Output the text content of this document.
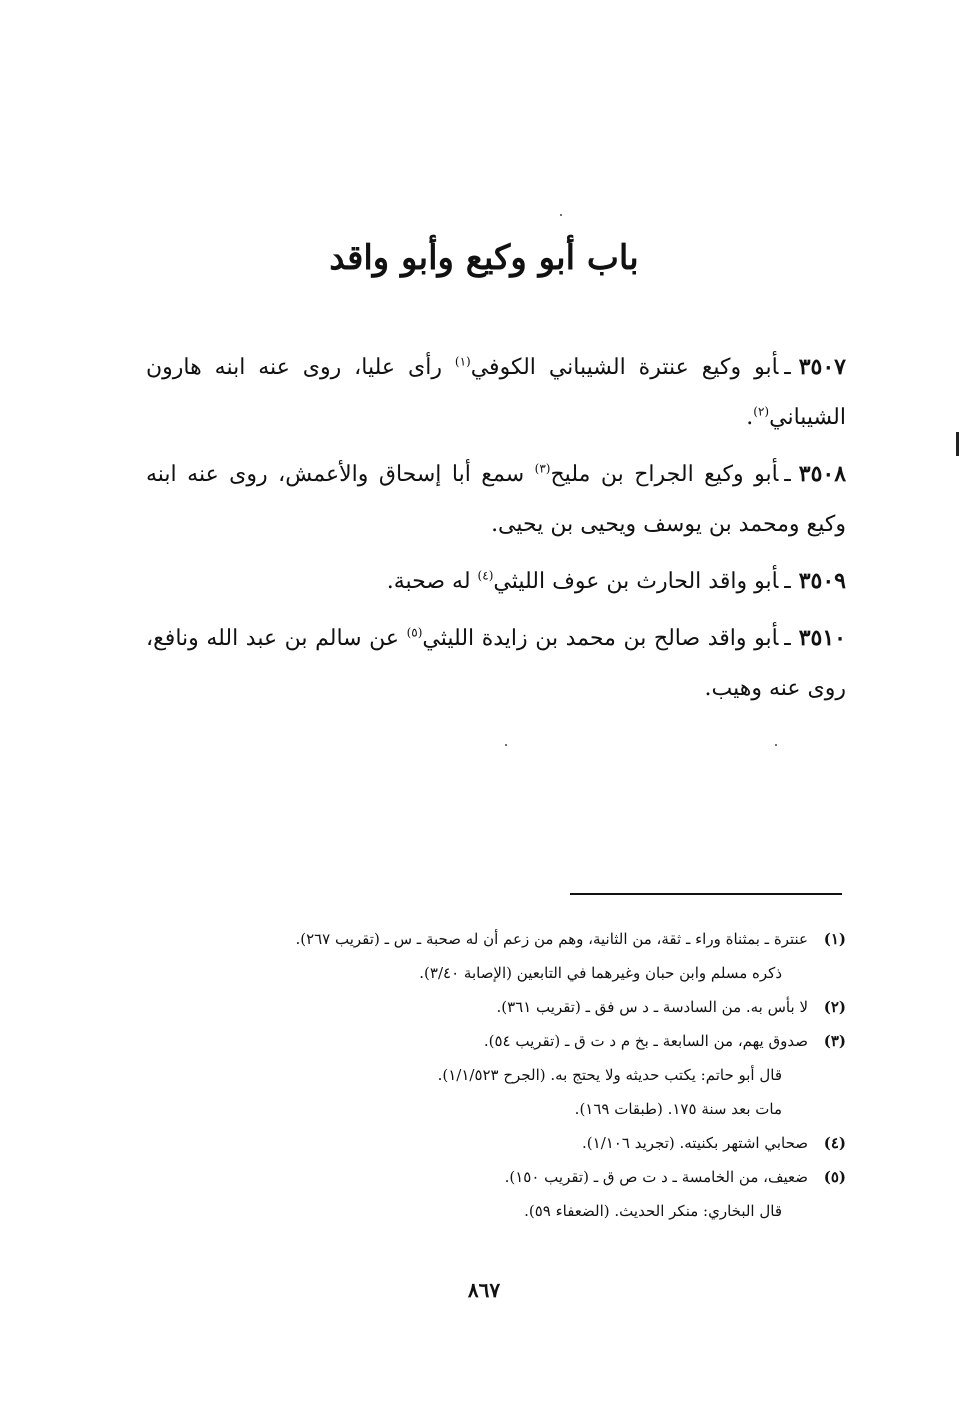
باب أبو وكيع وأبو واقد
٣٥٠٧ـأبو وكيع عنترة الشيباني الكوفي$^{(١)}$ رأى عليا، روى عنه ابنه هارون الشيباني$^{(٢)}$.
٣٥٠٨ـأبو وكيع الجراح بن مليح$^{(٣)}$ سمع أبا إسحاق والأعمش، روى عنه ابنه وكيع ومحمد بن يوسف ويحيى بن يحيى.
٣٥٠٩ـأبو واقد الحارث بن عوف الليثي$^{(٤)}$ له صحبة.
٣٥١٠ـأبو واقد صالح بن محمد بن زايدة الليثي$^{(٥)}$ عن سالم بن عبد الله ونافع، روى عنه وهيب.
(١)عنترة ـ بمثناة وراء ـ ثقة، من الثانية، وهم من زعم أن له صحبة ـ س ـ (تقريب ٢٦٧).
ذكره مسلم وابن حبان وغيرهما في التابعين (الإصابة ٣/٤٠).
(٢)لا بأس به. من السادسة ـ د س فق ـ (تقريب ٣٦١).
(٣)صدوق يهم، من السابعة ـ بخ م د ت ق ـ (تقريب ٥٤).
قال أبو حاتم: يكتب حديثه ولا يحتج به. (الجرح ١/١/٥٢٣).
مات بعد سنة ١٧٥. (طبقات ١٦٩).
(٤)صحابي اشتهر بكنيته. (تجريد ١/١٠٦).
(٥)ضعيف، من الخامسة ـ د ت ص ق ـ (تقريب ١٥٠).
قال البخاري: منكر الحديث. (الضعفاء ٥٩).
٨٦٧
